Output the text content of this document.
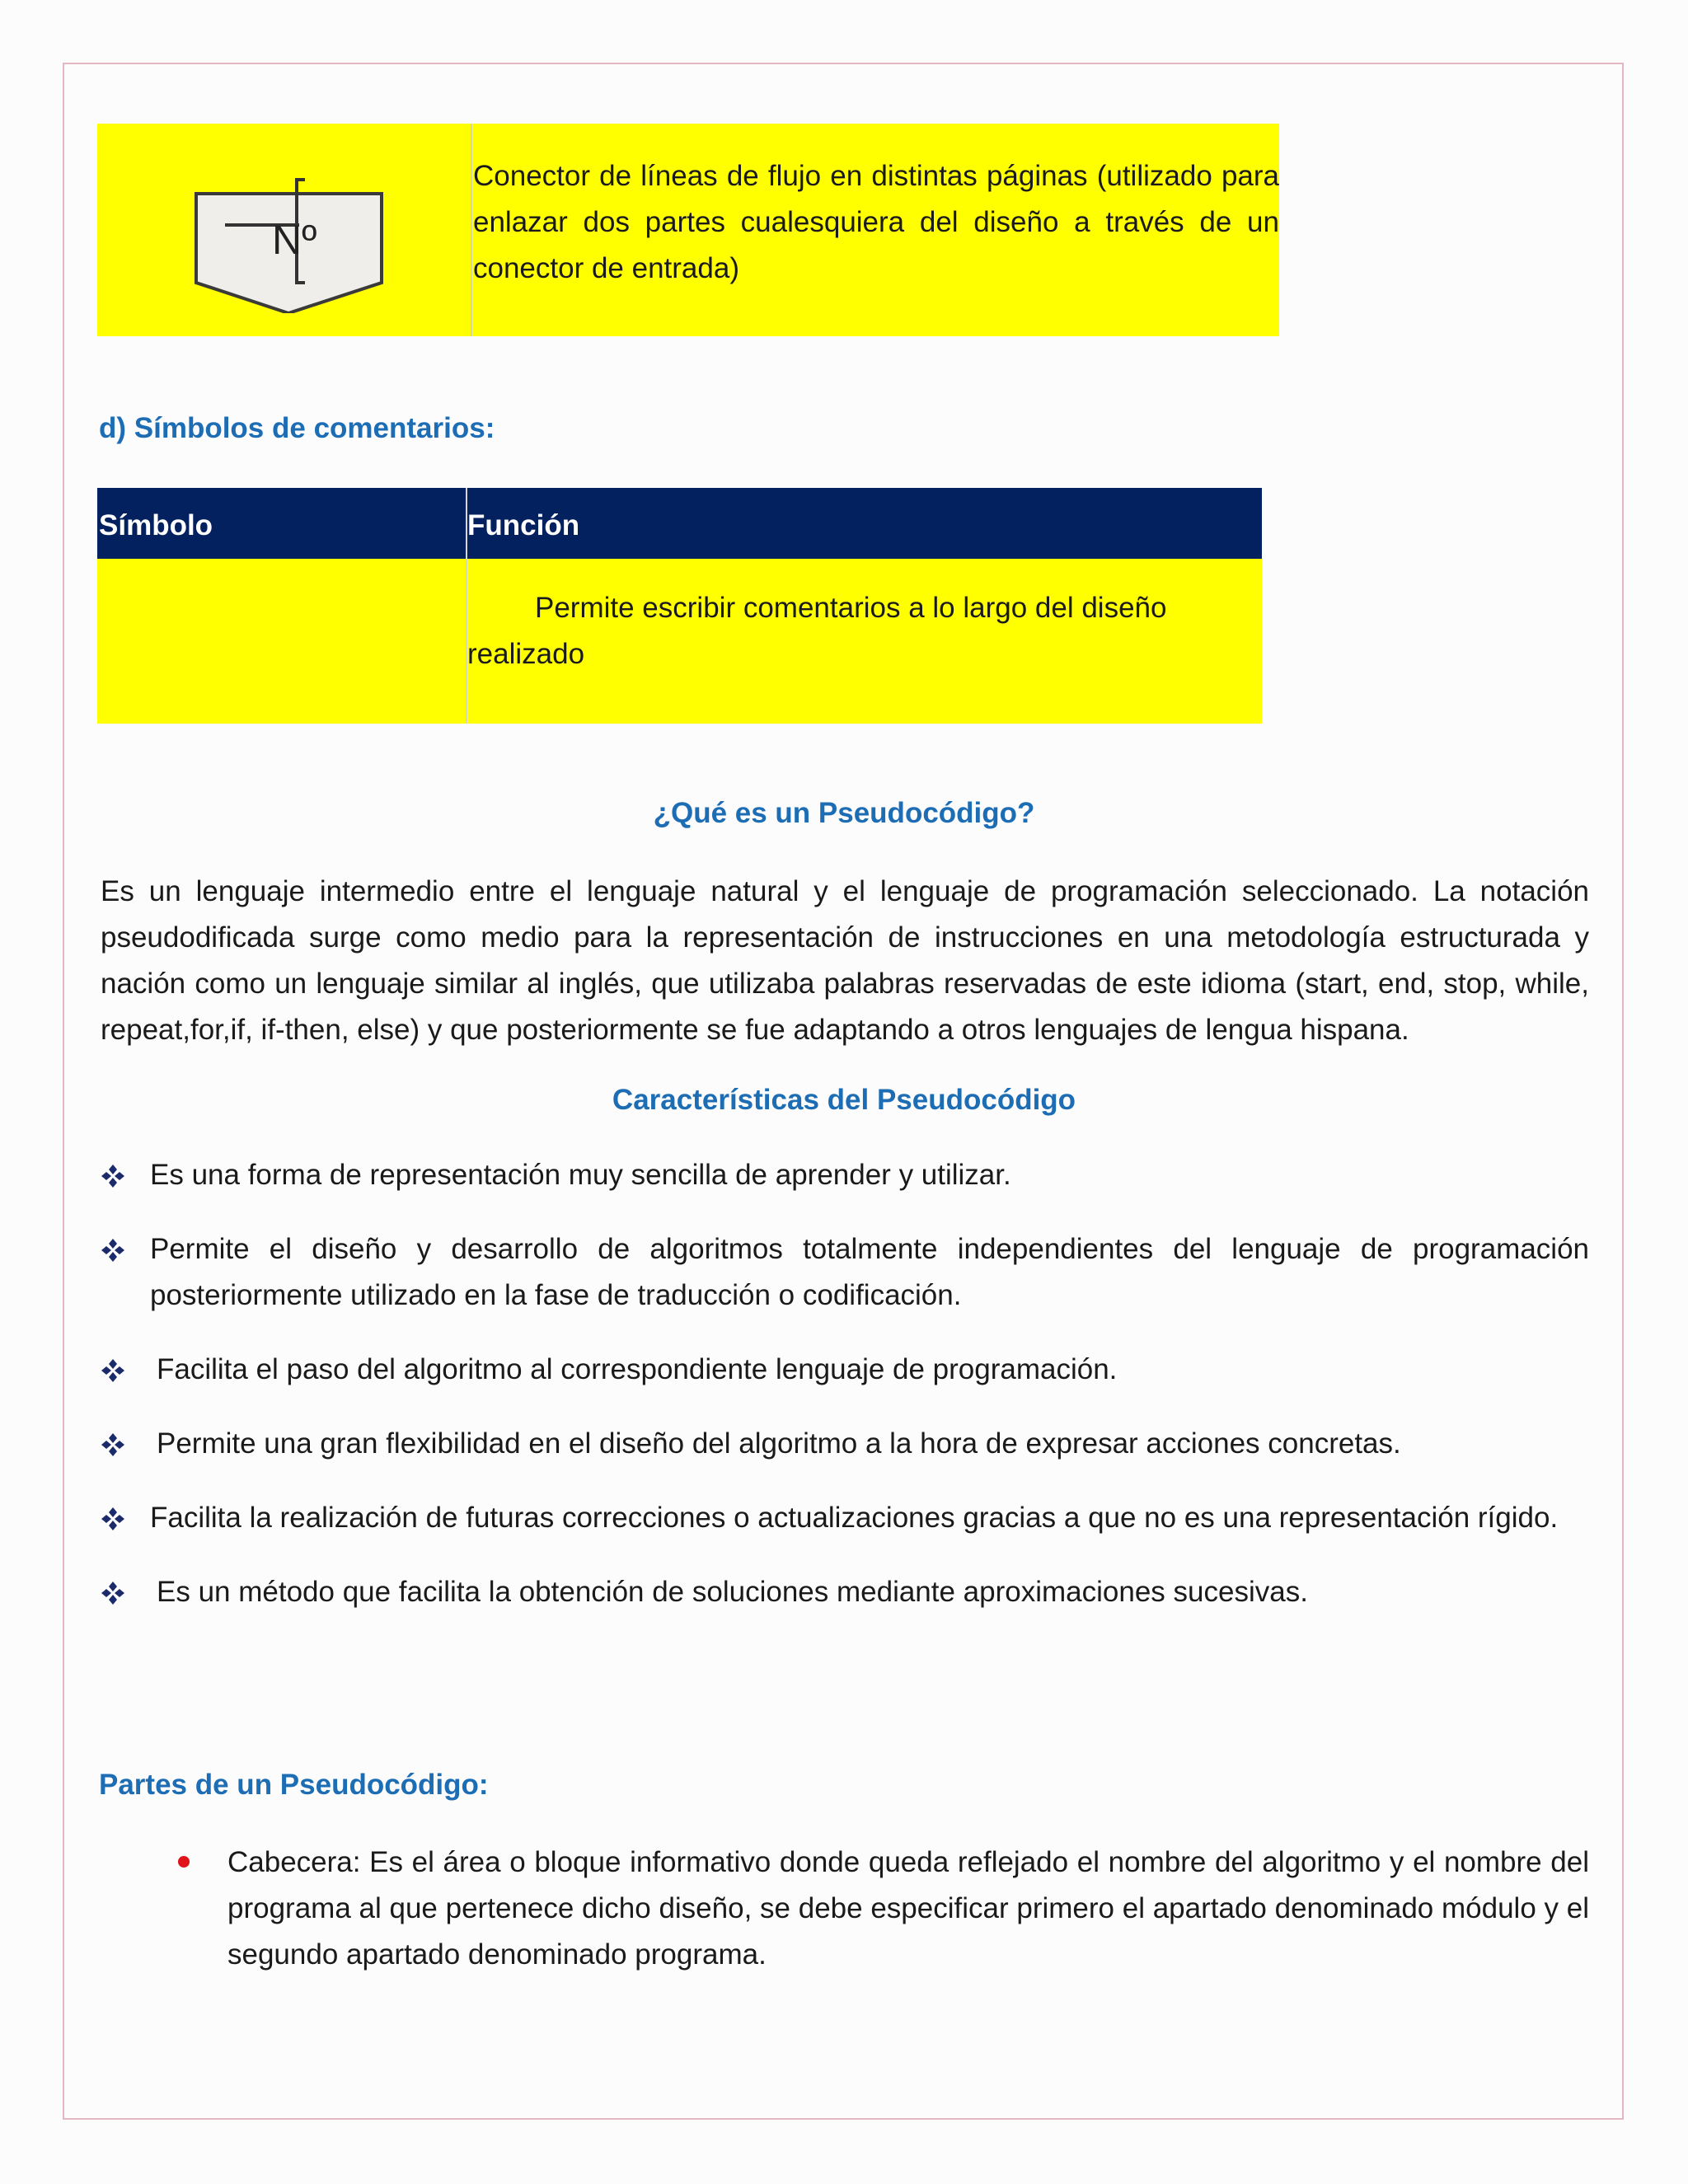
Nº
Conector de líneas de flujo en distintas páginas (utilizado para enlazar dos partes cualesquiera del diseño a través de un conector de entrada)
d) Símbolos de comentarios:
Símbolo	Función
Permite escribir comentarios a lo largo del diseño realizado
¿Qué es un Pseudocódigo?

Es un lenguaje intermedio entre el lenguaje natural y el lenguaje de programación seleccionado. La notación pseudodificada surge como medio para la representación de instrucciones en una metodología estructurada y nación como un lenguaje similar al inglés, que utilizaba palabras reservadas de este idioma (start, end, stop, while, repeat,for,if, if-then, else) y que posteriormente se fue adaptando a otros lenguajes de lengua hispana.

Características del Pseudocódigo
Es una forma de representación muy sencilla de aprender y utilizar.
Permite el diseño y desarrollo de algoritmos totalmente independientes del lenguaje de programación posteriormente utilizado en la fase de traducción o codificación.
Facilita el paso del algoritmo al correspondiente lenguaje de programación.
Permite una gran flexibilidad en el diseño del algoritmo a la hora de expresar acciones concretas.
Facilita la realización de futuras correcciones o actualizaciones gracias a que no es una representación rígido.
Es un método que facilita la obtención de soluciones mediante aproximaciones sucesivas.
Partes de un Pseudocódigo:
Cabecera: Es el área o bloque informativo donde queda reflejado el nombre del algoritmo y el nombre del programa al que pertenece dicho diseño, se debe especificar primero el apartado denominado módulo y el segundo apartado denominado programa.
